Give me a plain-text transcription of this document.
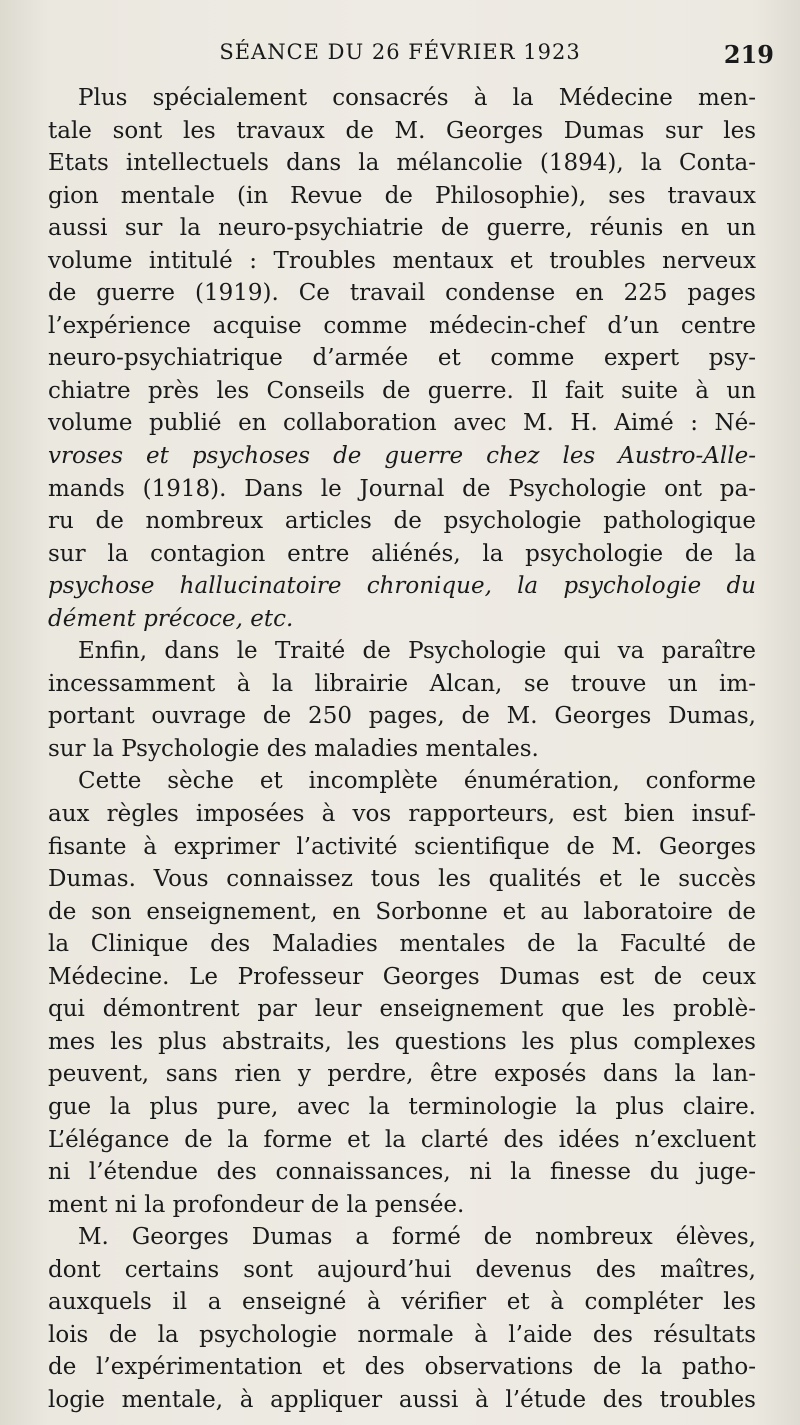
SÉANCE DU 26 FÉVRIER 1923	219
Plus spécialement consacrés à la Médecine men-
tale sont les travaux de M. Georges Dumas sur les
Etats intellectuels dans la mélancolie (1894), la Conta-
gion mentale (in Revue de Philosophie), ses travaux
aussi sur la neuro-psychiatrie de guerre, réunis en un
volume intitulé : Troubles mentaux et troubles nerveux
de guerre (1919). Ce travail condense en 225 pages
l’expérience acquise comme médecin-chef d’un centre
neuro-psychiatrique d’armée et comme expert psy-
chiatre près les Conseils de guerre. Il fait suite à un
volume publié en collaboration avec M. H. Aimé : Né-
vroses et psychoses de guerre chez les Austro-Alle-
mands (1918). Dans le Journal de Psychologie ont pa-
ru de nombreux articles de psychologie pathologique
sur la contagion entre aliénés, la psychologie de la
psychose hallucinatoire chronique, la psychologie du
dément précoce, etc.
Enfin, dans le Traité de Psychologie qui va paraître
incessamment à la librairie Alcan, se trouve un im-
portant ouvrage de 250 pages, de M. Georges Dumas,
sur la Psychologie des maladies mentales.
Cette sèche et incomplète énumération, conforme
aux règles imposées à vos rapporteurs, est bien insuf-
fisante à exprimer l’activité scientifique de M. Georges
Dumas. Vous connaissez tous les qualités et le succès
de son enseignement, en Sorbonne et au laboratoire de
la Clinique des Maladies mentales de la Faculté de
Médecine. Le Professeur Georges Dumas est de ceux
qui démontrent par leur enseignement que les problè-
mes les plus abstraits, les questions les plus complexes
peuvent, sans rien y perdre, être exposés dans la lan-
gue la plus pure, avec la terminologie la plus claire.
L’élégance de la forme et la clarté des idées n’excluent
ni l’étendue des connaissances, ni la finesse du juge-
ment ni la profondeur de la pensée.
M. Georges Dumas a formé de nombreux élèves,
dont certains sont aujourd’hui devenus des maîtres,
auxquels il a enseigné à vérifier et à compléter les
lois de la psychologie normale à l’aide des résultats
de l’expérimentation et des observations de la patho-
logie mentale, à appliquer aussi à l’étude des troubles
